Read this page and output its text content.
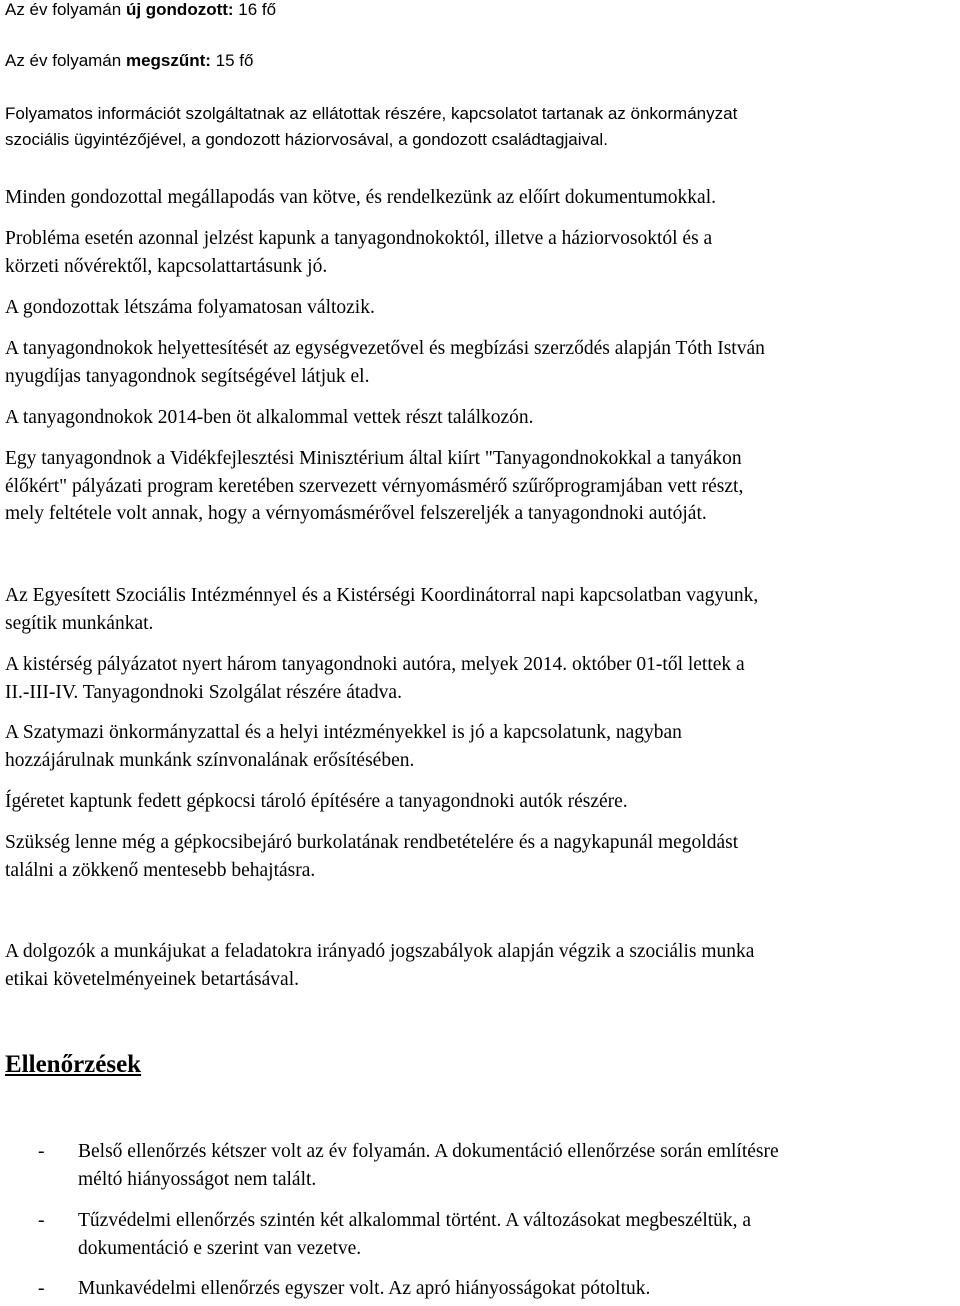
Az év folyamán új gondozott: 16 fő
Az év folyamán megszűnt: 15 fő
Folyamatos információt szolgáltatnak az ellátottak részére, kapcsolatot tartanak az önkormányzat
szociális ügyintézőjével, a gondozott háziorvosával, a gondozott családtagjaival.
Minden gondozottal megállapodás van kötve, és rendelkezünk az előírt dokumentumokkal.
Probléma esetén azonnal jelzést kapunk a tanyagondnokoktól, illetve a háziorvosoktól és a
körzeti nővérektől, kapcsolattartásunk jó.
A gondozottak létszáma folyamatosan változik.
A tanyagondnokok helyettesítését az egységvezetővel és megbízási szerződés alapján Tóth István
nyugdíjas tanyagondnok segítségével látjuk el.
A tanyagondnokok 2014-ben öt alkalommal vettek részt találkozón.
Egy tanyagondnok a Vidékfejlesztési Minisztérium által kiírt "Tanyagondnokokkal a tanyákon
élőkért" pályázati program keretében szervezett vérnyomásmérő szűrőprogramjában vett részt,
mely feltétele volt annak, hogy a vérnyomásmérővel felszereljék a tanyagondnoki autóját.
Az Egyesített Szociális Intézménnyel és a Kistérségi Koordinátorral napi kapcsolatban vagyunk,
segítik munkánkat.
A kistérség pályázatot nyert három tanyagondnoki autóra, melyek 2014. október 01-től lettek a
II.-III-IV. Tanyagondnoki Szolgálat részére átadva.
A Szatymazi önkormányzattal és a helyi intézményekkel is jó a kapcsolatunk, nagyban
hozzájárulnak munkánk színvonalának erősítésében.
Ígéretet kaptunk fedett gépkocsi tároló építésére a tanyagondnoki autók részére.
Szükség lenne még a gépkocsibejáró burkolatának rendbetételére és a nagykapunál megoldást
találni a zökkenő mentesebb behajtásra.
A dolgozók a munkájukat a feladatokra irányadó jogszabályok alapján végzik a szociális munka
etikai követelményeinek betartásával.
Ellenőrzések
- Belső ellenőrzés kétszer volt az év folyamán. A dokumentáció ellenőrzése során említésre
méltó hiányosságot nem talált.
- Tűzvédelmi ellenőrzés szintén két alkalommal történt. A változásokat megbeszéltük, a
dokumentáció e szerint van vezetve.
- Munkavédelmi ellenőrzés egyszer volt. Az apró hiányosságokat pótoltuk.
